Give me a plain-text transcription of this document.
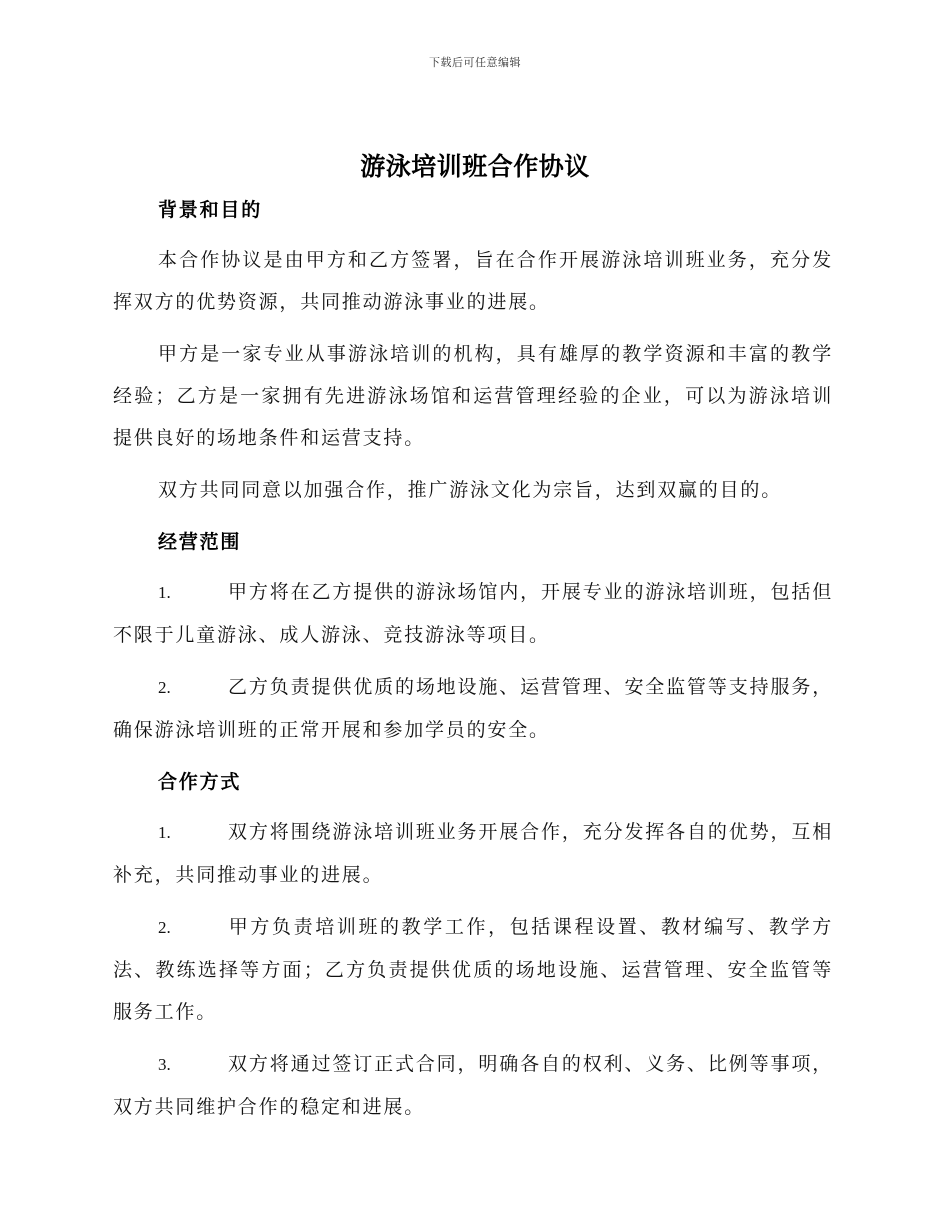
下载后可任意编辑
游泳培训班合作协议
背景和目的

本合作协议是由甲方和乙方签署，旨在合作开展游泳培训班业务，充分发挥双方的优势资源，共同推动游泳事业的进展。

甲方是一家专业从事游泳培训的机构，具有雄厚的教学资源和丰富的教学经验；乙方是一家拥有先进游泳场馆和运营管理经验的企业，可以为游泳培训提供良好的场地条件和运营支持。

双方共同同意以加强合作，推广游泳文化为宗旨，达到双赢的目的。

经营范围

1.	甲方将在乙方提供的游泳场馆内，开展专业的游泳培训班，包括但不限于儿童游泳、成人游泳、竞技游泳等项目。

2.	乙方负责提供优质的场地设施、运营管理、安全监管等支持服务，确保游泳培训班的正常开展和参加学员的安全。

合作方式

1.	双方将围绕游泳培训班业务开展合作，充分发挥各自的优势，互相补充，共同推动事业的进展。

2.	甲方负责培训班的教学工作，包括课程设置、教材编写、教学方法、教练选择等方面；乙方负责提供优质的场地设施、运营管理、安全监管等服务工作。

3.	双方将通过签订正式合同，明确各自的权利、义务、比例等事项，双方共同维护合作的稳定和进展。
